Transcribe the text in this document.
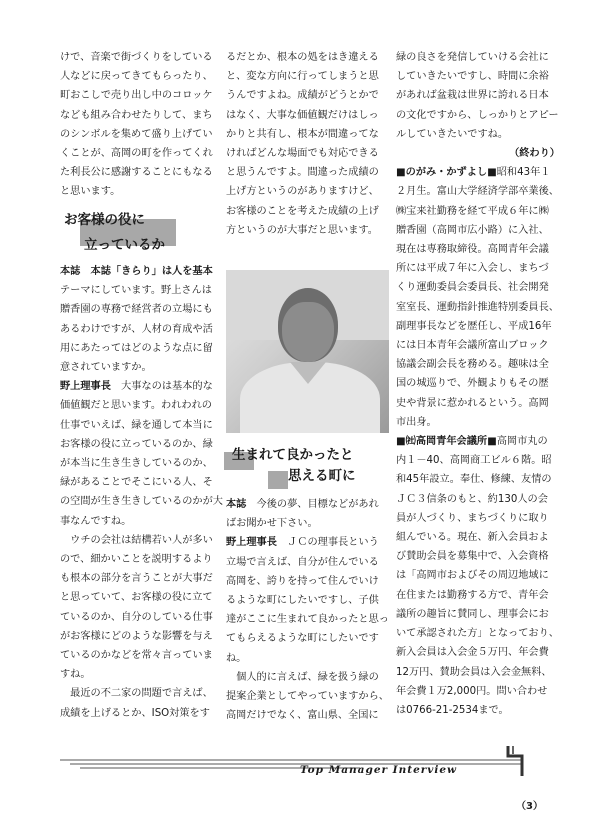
けで、音楽で街づくりをしている

人などに戻ってきてもらったり、

町おこしで売り出し中のコロッケ

なども組み合わせたりして、まち

のシンボルを集めて盛り上げてい

くことが、高岡の町を作ってくれ

た利長公に感謝することにもなる

と思います。

お客様の役に
立っているか

本誌　本誌「きらり」は人を基本

テーマにしています。野上さんは

贈香園の専務で経営者の立場にも

あるわけですが、人材の育成や活

用にあたってはどのような点に留

意されていますか。

野上理事長　大事なのは基本的な

価値観だと思います。われわれの

仕事でいえば、緑を通して本当に

お客様の役に立っているのか、緑

が本当に生き生きしているのか、

緑があることでそこにいる人、そ

の空間が生き生きしているのかが大

事なんですね。

　ウチの会社は結構若い人が多い

ので、細かいことを説明するより

も根本の部分を言うことが大事だ

と思っていて、お客様の役に立て

ているのか、自分のしている仕事

がお客様にどのような影響を与え

ているのかなどを常々言っていま

すね。

　最近の不二家の問題で言えば、

成績を上げるとか、ISO対策をす

るだとか、根本の処をはき違える

と、変な方向に行ってしまうと思

うんですよね。成績がどうとかで

はなく、大事な価値観だけはしっ

かりと共有し、根本が間違ってな

ければどんな場面でも対応できる

と思うんですよ。間違った成績の

上げ方というのがありますけど、

お客様のことを考えた成績の上げ

方というのが大事だと思います。

生まれて良かったと
思える町に

本誌　今後の夢、目標などがあれ

ばお聞かせ下さい。

野上理事長　ＪＣの理事長という

立場で言えば、自分が住んでいる

高岡を、誇りを持って住んでいけ

るような町にしたいですし、子供

達がここに生まれて良かったと思っ

てもらえるような町にしたいです

ね。

　個人的に言えば、緑を扱う緑の

提案企業としてやっていますから、

高岡だけでなく、富山県、全国に

緑の良さを発信していける会社に

していきたいですし、時間に余裕

があれば盆栽は世界に誇れる日本

の文化ですから、しっかりとアピー

ルしていきたいですね。

（終わり）

■のがみ・かずよし■昭和43年１

２月生。富山大学経済学部卒業後、

㈱宝来社勤務を経て平成６年に㈱

贈香園（高岡市広小路）に入社、

現在は専務取締役。高岡青年会議

所には平成７年に入会し、まちづ

くり運動委員会委員長、社会開発

室室長、運動指針推進特別委員長、

副理事長などを歴任し、平成16年

には日本青年会議所富山ブロック

協議会副会長を務める。趣味は全

国の城巡りで、外観よりもその歴

史や背景に惹かれるという。高岡

市出身。

■㈳高岡青年会議所■高岡市丸の

内１－40、高岡商工ビル６階。昭

和45年設立。奉仕、修練、友情の

ＪＣ３信条のもと、約130人の会

員が人づくり、まちづくりに取り

組んでいる。現在、新入会員およ

び賛助会員を募集中で、入会資格

は「高岡市およびその周辺地域に

在住または勤務する方で、青年会

議所の趣旨に賛同し、理事会にお

いて承認された方」となっており、

新入会員は入会金５万円、年会費

12万円、賛助会員は入会金無料、

年会費１万2,000円。問い合わせ

は0766-21-2534まで。

Top Manager Interview
（3）
